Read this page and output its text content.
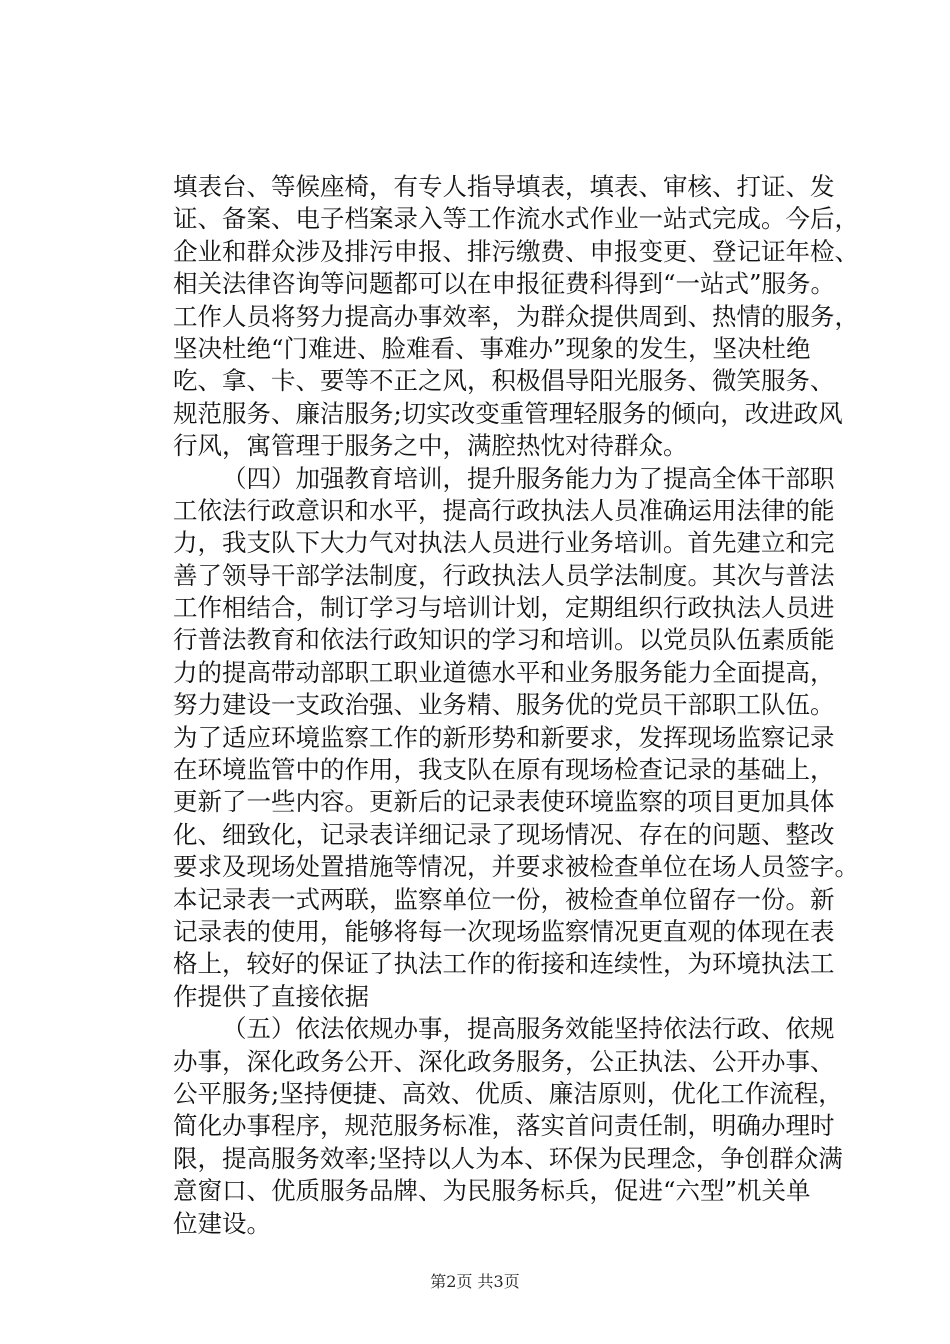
填表台、等候座椅，有专人指导填表，填表、审核、打证、发
证、备案、电子档案录入等工作流水式作业一站式完成。今后，
企业和群众涉及排污申报、排污缴费、申报变更、登记证年检、
相关法律咨询等问题都可以在申报征费科得到“一站式”服务。
工作人员将努力提高办事效率，为群众提供周到、热情的服务，
坚决杜绝“门难进、脸难看、事难办”现象的发生，坚决杜绝
吃、拿、卡、要等不正之风，积极倡导阳光服务、微笑服务、
规范服务、廉洁服务;切实改变重管理轻服务的倾向，改进政风
行风，寓管理于服务之中，满腔热忱对待群众。
（四）加强教育培训，提升服务能力为了提高全体干部职
工依法行政意识和水平，提高行政执法人员准确运用法律的能
力，我支队下大力气对执法人员进行业务培训。首先建立和完
善了领导干部学法制度，行政执法人员学法制度。其次与普法
工作相结合，制订学习与培训计划，定期组织行政执法人员进
行普法教育和依法行政知识的学习和培训。以党员队伍素质能
力的提高带动部职工职业道德水平和业务服务能力全面提高，
努力建设一支政治强、业务精、服务优的党员干部职工队伍。
为了适应环境监察工作的新形势和新要求，发挥现场监察记录
在环境监管中的作用，我支队在原有现场检查记录的基础上，
更新了一些内容。更新后的记录表使环境监察的项目更加具体
化、细致化，记录表详细记录了现场情况、存在的问题、整改
要求及现场处置措施等情况，并要求被检查单位在场人员签字。
本记录表一式两联，监察单位一份，被检查单位留存一份。新
记录表的使用，能够将每一次现场监察情况更直观的体现在表
格上，较好的保证了执法工作的衔接和连续性，为环境执法工
作提供了直接依据
（五）依法依规办事，提高服务效能坚持依法行政、依规
办事，深化政务公开、深化政务服务，公正执法、公开办事、
公平服务;坚持便捷、高效、优质、廉洁原则，优化工作流程，
简化办事程序，规范服务标准，落实首问责任制，明确办理时
限，提高服务效率;坚持以人为本、环保为民理念，争创群众满
意窗口、优质服务品牌、为民服务标兵，促进“六型”机关单
位建设。
第2页 共3页
